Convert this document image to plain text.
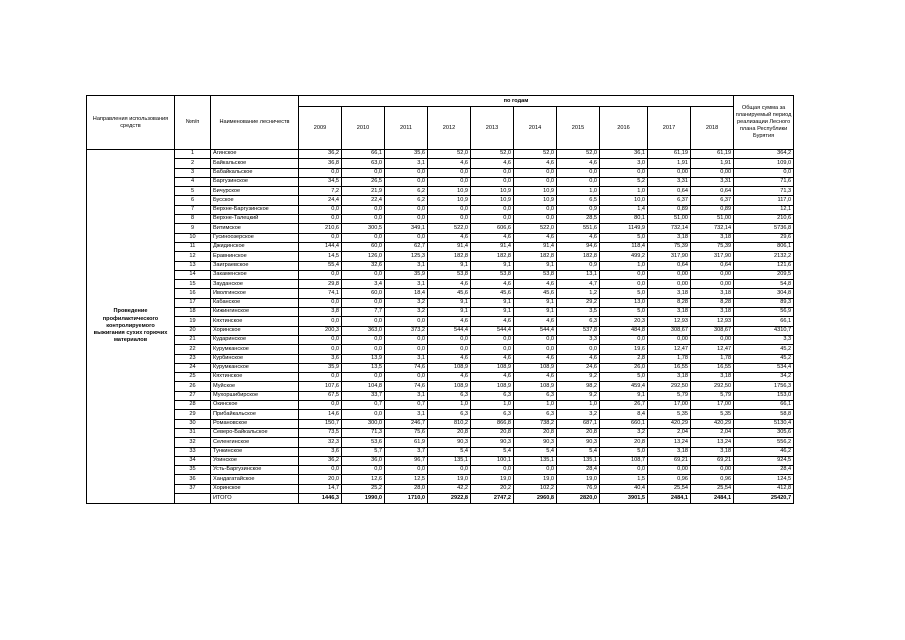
Направления использования средств	№п/п	Наименование лесничеств	по годам										Общая сумма за планируемый период реализации Лесного плана Республики Бурятия
			2009	2010	2011	2012	2013	2014	2015	2016	2017	2018	
Проведение профилактического контролируемого выжигания сухих горючих материалов	1	Агинское	36,2	66,1	35,6	52,0	52,0	52,0	52,0	36,1	61,19	61,19	364,2
	2	Байкальское	36,8	63,0	3,1	4,6	4,6	4,6	4,6	3,0	1,91	1,91	109,0
	3	Бабайкальское	0,0	0,0	0,0	0,0	0,0	0,0	0,0	0,0	0,00	0,00	0,0
	4	Баргузинское	34,5	26,5	0,0	0,0	0,0	0,0	0,0	5,2	3,31	3,31	71,6
	5	Бичурское	7,2	21,9	6,2	10,9	10,9	10,9	1,0	1,0	0,64	0,64	71,3
	6	Бусское	24,4	22,4	6,2	10,9	10,9	10,9	6,5	10,0	6,37	6,37	117,0
	7	Верхне-Баргузинское	0,0	0,0	0,0	0,0	0,0	0,0	0,9	1,4	0,89	0,89	12,1
	8	Верхне-Талецкий	0,0	0,0	0,0	0,0	0,0	0,0	28,5	80,1	51,00	51,00	210,6
	9	Витимское	210,6	300,5	349,1	522,0	606,6	522,0	551,6	1149,9	732,14	732,14	5736,8
	10	Гусиноозерское	0,0	0,0	0,0	4,6	4,6	4,6	4,6	5,0	3,18	3,18	29,6
	11	Джидинское	144,4	60,0	62,7	91,4	91,4	91,4	94,6	118,4	75,39	75,39	806,1
	12	Еравнинское	14,5	126,0	125,3	182,8	182,8	182,8	182,8	499,2	317,90	317,90	2132,2
	13	Заиграевское	55,4	32,6	3,1	9,1	9,1	9,1	0,9	1,0	0,64	0,64	121,6
	14	Закаменское	0,0	0,0	35,9	53,8	53,8	53,8	13,1	0,0	0,00	0,00	209,5
	15	Зауданское	29,8	3,4	3,1	4,6	4,6	4,6	4,7	0,0	0,00	0,00	54,8
	16	Иволгинское	74,1	60,0	18,4	45,6	45,6	45,6	1,2	5,0	3,18	3,18	304,8
	17	Кабанское	0,0	0,0	3,2	9,1	9,1	9,1	29,2	13,0	8,28	8,28	89,3
	18	Кижингинское	3,8	7,7	3,2	9,1	9,1	9,1	3,5	5,0	3,18	3,18	56,9
	19	Кяхтинское	0,0	0,0	0,0	4,6	4,6	4,6	6,3	20,3	12,93	12,93	66,1
	20	Хоринское	200,3	363,0	373,2	544,4	544,4	544,4	537,8	484,8	308,67	308,67	4310,7
	21	Кударинское	0,0	0,0	0,0	0,0	0,0	0,0	3,3	0,0	0,00	0,00	3,3
	22	Курумканское	0,0	0,0	0,0	0,0	0,0	0,0	0,0	19,6	12,47	12,47	45,2
	23	Курбинское	3,6	13,9	3,1	4,6	4,6	4,6	4,6	2,8	1,78	1,78	45,2
	24	Курумканское	35,9	13,5	74,6	108,9	108,9	108,9	24,6	26,0	16,55	16,55	534,4
	25	Кяхтинское	0,0	0,0	0,0	4,6	4,6	4,6	9,2	5,0	3,18	3,18	34,2
	26	Муйское	107,6	104,8	74,6	108,9	108,9	108,9	98,2	459,4	292,50	292,50	1756,3
	27	Мухоршибирское	67,5	33,7	3,1	6,3	6,3	6,3	9,2	9,1	5,79	5,79	153,0
	28	Окинское	0,0	0,7	0,7	1,0	1,0	1,0	1,0	26,7	17,00	17,00	66,1
	29	Прибайкальское	14,6	0,0	3,1	6,3	6,3	6,3	3,2	8,4	5,35	5,35	58,8
	30	Романовское	150,7	300,0	246,7	810,2	866,8	738,2	687,1	660,1	420,29	420,29	5130,4
	31	Северо-Байкальское	73,5	71,3	75,6	20,8	20,8	20,8	20,8	3,2	2,04	2,04	305,6
	32	Селенгинское	32,3	53,6	61,9	90,3	90,3	90,3	90,3	20,8	13,24	13,24	556,2
	33	Тункинское	3,6	5,7	3,7	5,4	5,4	5,4	5,4	5,0	3,18	3,18	46,2
	34	Уоинское	36,2	36,0	96,7	135,1	100,1	135,1	135,1	108,7	69,21	69,21	924,5
	35	Усть-Баргузинское	0,0	0,0	0,0	0,0	0,0	0,0	28,4	0,0	0,00	0,00	28,4
	36	Хандагатайское	20,0	12,6	12,5	19,0	19,0	19,0	19,0	1,5	0,96	0,96	124,5
	37	Хоринское	14,7	25,2	28,0	42,2	20,2	102,2	76,9	40,4	25,54	25,54	412,8
		ИТОГО	1446,3	1990,0	1710,0	2922,8	2747,2	2960,8	2820,0	3901,5	2484,1	2484,1	25420,7
